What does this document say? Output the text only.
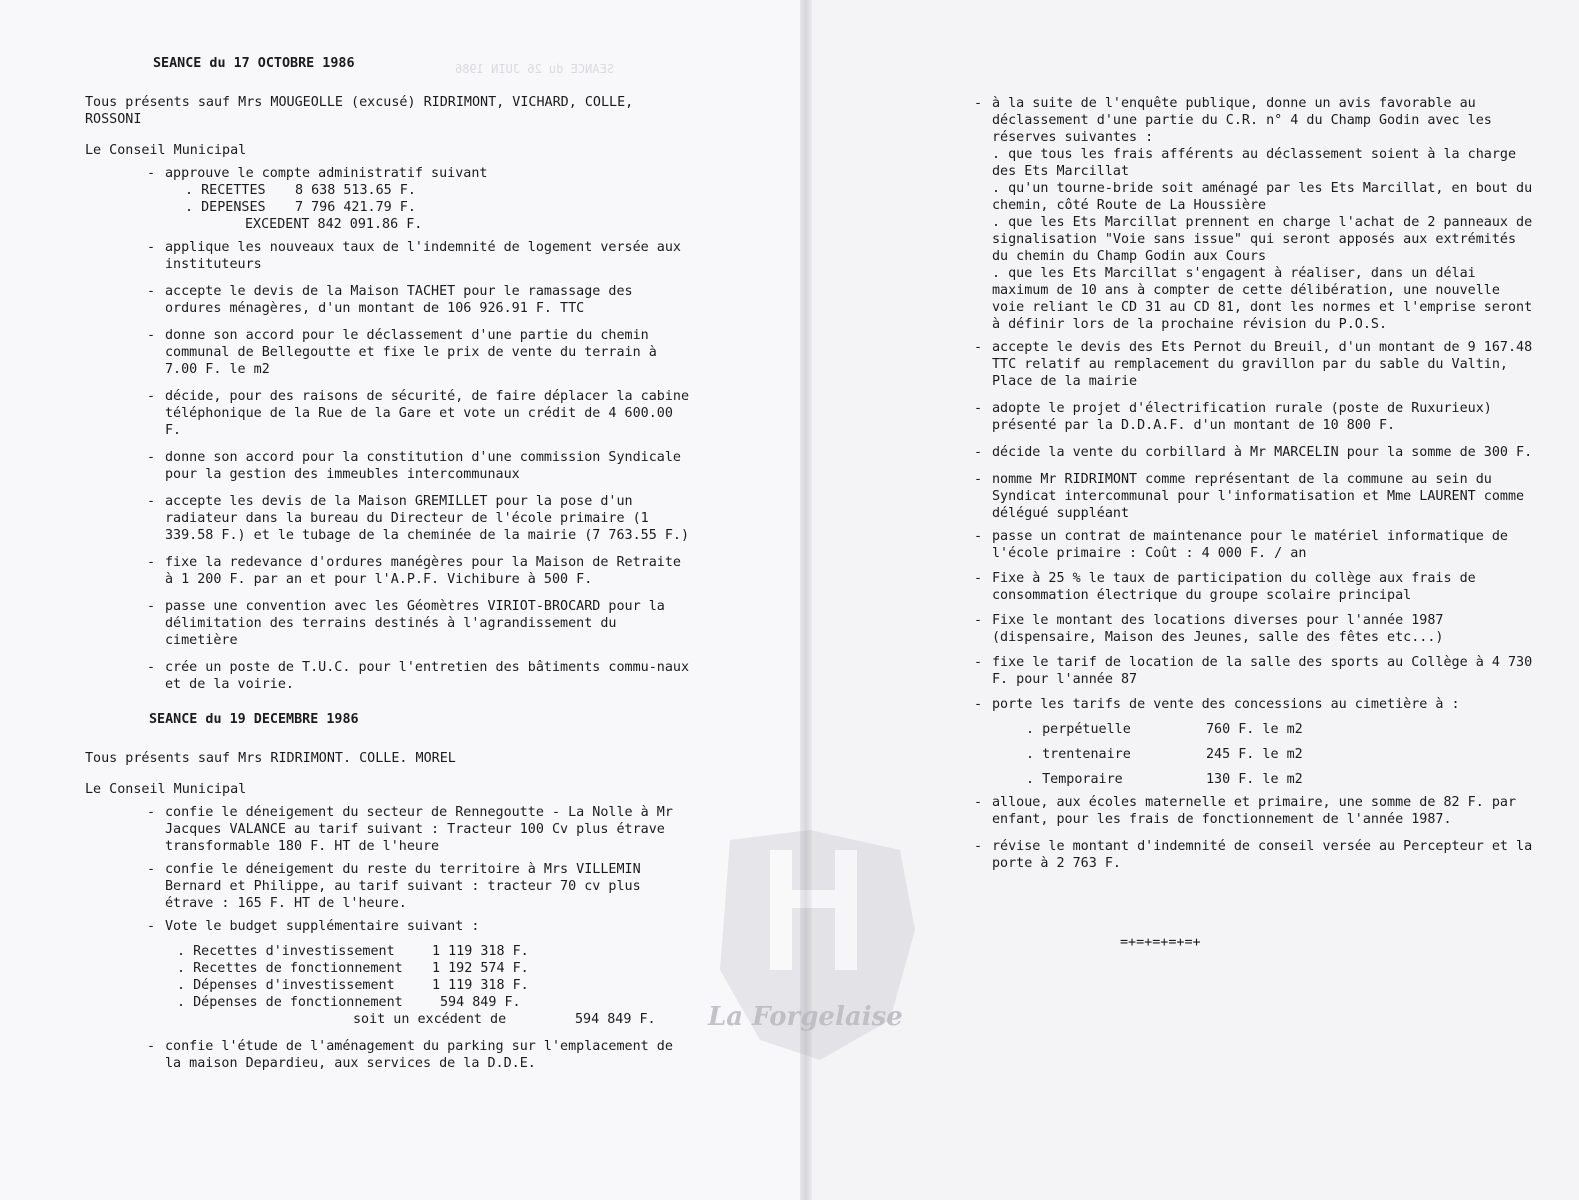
SEANCE du 26 JUIN 1986
SEANCE du 17 OCTOBRE 1986
Tous présents sauf Mrs MOUGEOLLE (excusé) RIDRIMONT, VICHARD, COLLE,
ROSSONI
Le Conseil Municipal
- approuve le compte administratif suivant
. RECETTES	8 638 513.65 F.
. DEPENSES	7 796 421.79 F.
EXCEDENT 842 091.86 F.
- applique les nouveaux taux de l'indemnité de logement versée aux instituteurs
- accepte le devis de la Maison TACHET pour le ramassage des ordures ménagères, d'un montant de 106 926.91 F. TTC
- donne son accord pour le déclassement d'une partie du chemin communal de Bellegoutte et fixe le prix de vente du terrain à 7.00 F. le m2
- décide, pour des raisons de sécurité, de faire déplacer la cabine téléphonique de la Rue de la Gare et vote un crédit de 4 600.00 F.
- donne son accord pour la constitution d'une commission Syndicale pour la gestion des immeubles intercommunaux
- accepte les devis de la Maison GREMILLET pour la pose d'un radiateur dans la bureau du Directeur de l'école primaire (1 339.58 F.) et le tubage de la cheminée de la mairie (7 763.55 F.)
- fixe la redevance d'ordures manégères pour la Maison de Retraite à 1 200 F. par an et pour l'A.P.F. Vichibure à 500 F.
- passe une convention avec les Géomètres VIRIOT-BROCARD pour la délimitation des terrains destinés à l'agrandissement du cimetière
- crée un poste de T.U.C. pour l'entretien des bâtiments commu-naux et de la voirie.
SEANCE du 19 DECEMBRE 1986
Tous présents sauf Mrs RIDRIMONT. COLLE. MOREL
Le Conseil Municipal
- confie le déneigement du secteur de Rennegoutte - La Nolle à Mr Jacques VALANCE au tarif suivant : Tracteur 100 Cv plus étrave transformable 180 F. HT de l'heure
- confie le déneigement du reste du territoire à Mrs VILLEMIN Bernard et Philippe, au tarif suivant : tracteur 70 cv plus étrave : 165 F. HT de l'heure.
- Vote le budget supplémentaire suivant :
. Recettes d'investissement	1 119 318 F.
. Recettes de fonctionnement	1 192 574 F.
. Dépenses d'investissement	1 119 318 F.
. Dépenses de fonctionnement	594 849 F.
soit un excédent de	594 849 F.
- confie l'étude de l'aménagement du parking sur l'emplacement de la maison Depardieu, aux services de la D.D.E.
- à la suite de l'enquête publique, donne un avis favorable au déclassement d'une partie du C.R. n° 4 du Champ Godin avec les réserves suivantes :
. que tous les frais afférents au déclassement soient à la charge des Ets Marcillat
. qu'un tourne-bride soit aménagé par les Ets Marcillat, en bout du chemin, côté Route de La Houssière
. que les Ets Marcillat prennent en charge l'achat de 2 panneaux de signalisation "Voie sans issue" qui seront apposés aux extrémités du chemin du Champ Godin aux Cours
. que les Ets Marcillat s'engagent à réaliser, dans un délai maximum de 10 ans à compter de cette délibération, une nouvelle voie reliant le CD 31 au CD 81, dont les normes et l'emprise seront à définir lors de la prochaine révision du P.O.S.
- accepte le devis des Ets Pernot du Breuil, d'un montant de 9 167.48 TTC relatif au remplacement du gravillon par du sable du Valtin, Place de la mairie
- adopte le projet d'électrification rurale (poste de Ruxurieux) présenté par la D.D.A.F. d'un montant de 10 800 F.
- décide la vente du corbillard à Mr MARCELIN pour la somme de 300 F.
- nomme Mr RIDRIMONT comme représentant de la commune au sein du Syndicat intercommunal pour l'informatisation et Mme LAURENT comme délégué suppléant
- passe un contrat de maintenance pour le matériel informatique de l'école primaire : Coût : 4 000 F. / an
- Fixe à 25 % le taux de participation du collège aux frais de consommation électrique du groupe scolaire principal
- Fixe le montant des locations diverses pour l'année 1987 (dispensaire, Maison des Jeunes, salle des fêtes etc...)
- fixe le tarif de location de la salle des sports au Collège à 4 730 F. pour l'année 87
- porte les tarifs de vente des concessions au cimetière à :
. perpétuelle	760 F. le m2
. trentenaire	245 F. le m2
. Temporaire	130 F. le m2
- alloue, aux écoles maternelle et primaire, une somme de 82 F. par enfant, pour les frais de fonctionnement de l'année 1987.
- révise le montant d'indemnité de conseil versée au Percepteur et la porte à 2 763 F.
=+=+=+=+=+
La Forgelaise
